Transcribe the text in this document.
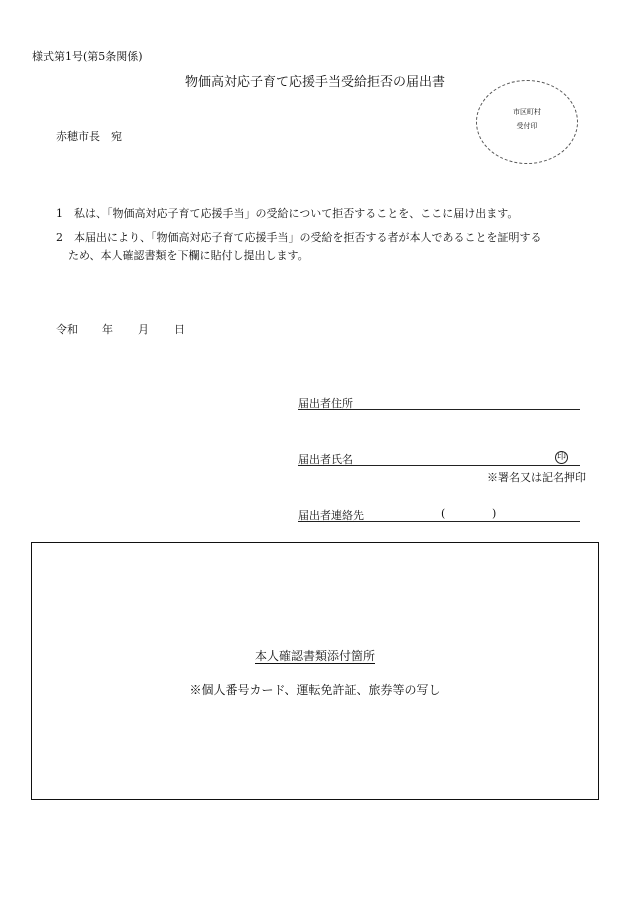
様式第1号(第5条関係)
物価高対応子育て応援手当受給拒否の届出書
市区町村
受付印
赤穂市長　宛
1　 私は、「物価高対応子育て応援手当」の受給について拒否することを、ここに届け出ます。
2　 本届出により、「物価高対応子育て応援手当」の受給を拒否する者が本人であることを証明する
ため、本人確認書類を下欄に貼付し提出します。
令和 年 月 日
届出者住所
届出者氏名	印
※署名又は記名押印
届出者連絡先	(	)
本人確認書類添付箇所
※個人番号カード、運転免許証、旅券等の写し
